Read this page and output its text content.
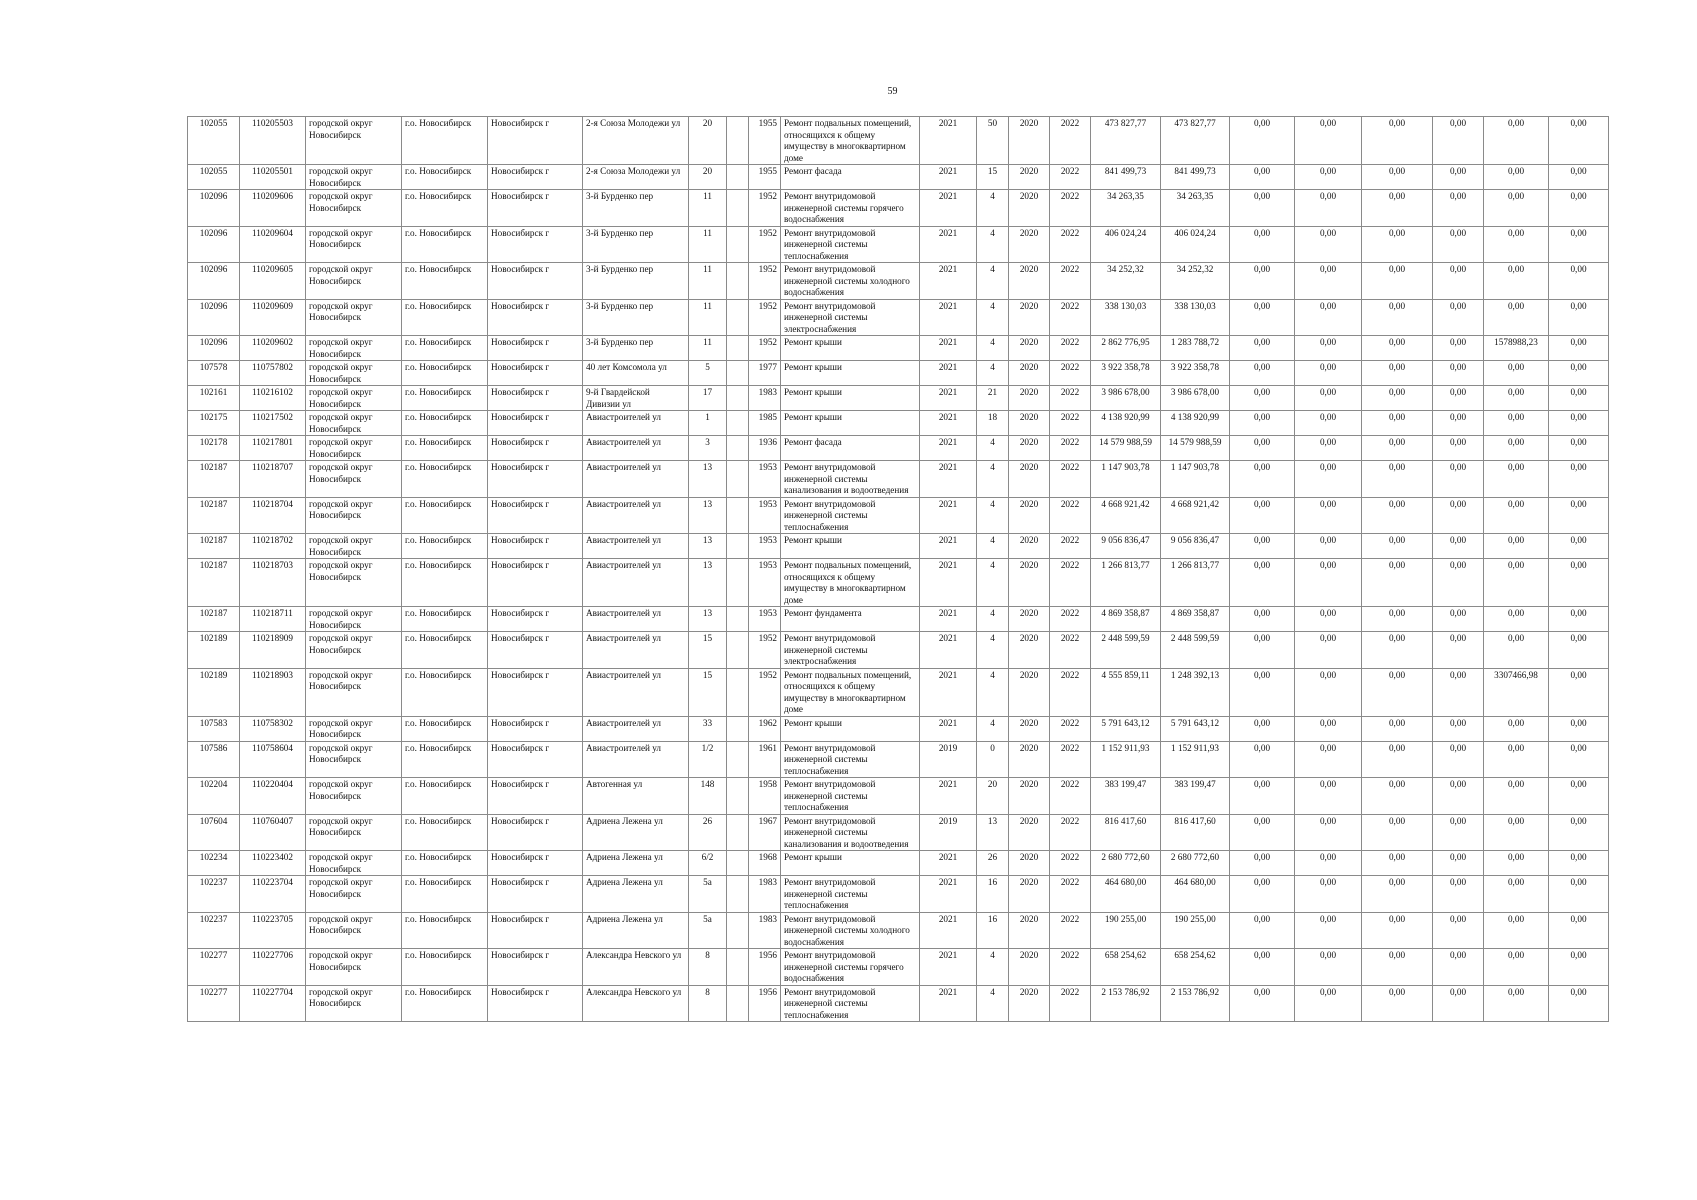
59
102055	110205503	городской округ Новосибирск	г.о. Новосибирск	Новосибирск г	2-я Союза Молодежи ул	20		1955	Ремонт подвальных помещений, относящихся к общему имуществу в многоквартирном доме	2021	50	2020	2022	473 827,77	473 827,77	0,00	0,00	0,00	0,00	0,00	0,00
102055	110205501	городской округ Новосибирск	г.о. Новосибирск	Новосибирск г	2-я Союза Молодежи ул	20		1955	Ремонт фасада	2021	15	2020	2022	841 499,73	841 499,73	0,00	0,00	0,00	0,00	0,00	0,00
102096	110209606	городской округ Новосибирск	г.о. Новосибирск	Новосибирск г	3-й Бурденко пер	11		1952	Ремонт внутридомовой инженерной системы горячего водоснабжения	2021	4	2020	2022	34 263,35	34 263,35	0,00	0,00	0,00	0,00	0,00	0,00
102096	110209604	городской округ Новосибирск	г.о. Новосибирск	Новосибирск г	3-й Бурденко пер	11		1952	Ремонт внутридомовой инженерной системы теплоснабжения	2021	4	2020	2022	406 024,24	406 024,24	0,00	0,00	0,00	0,00	0,00	0,00
102096	110209605	городской округ Новосибирск	г.о. Новосибирск	Новосибирск г	3-й Бурденко пер	11		1952	Ремонт внутридомовой инженерной системы холодного водоснабжения	2021	4	2020	2022	34 252,32	34 252,32	0,00	0,00	0,00	0,00	0,00	0,00
102096	110209609	городской округ Новосибирск	г.о. Новосибирск	Новосибирск г	3-й Бурденко пер	11		1952	Ремонт внутридомовой инженерной системы электроснабжения	2021	4	2020	2022	338 130,03	338 130,03	0,00	0,00	0,00	0,00	0,00	0,00
102096	110209602	городской округ Новосибирск	г.о. Новосибирск	Новосибирск г	3-й Бурденко пер	11		1952	Ремонт крыши	2021	4	2020	2022	2 862 776,95	1 283 788,72	0,00	0,00	0,00	0,00	1578988,23	0,00
107578	110757802	городской округ Новосибирск	г.о. Новосибирск	Новосибирск г	40 лет Комсомола ул	5		1977	Ремонт крыши	2021	4	2020	2022	3 922 358,78	3 922 358,78	0,00	0,00	0,00	0,00	0,00	0,00
102161	110216102	городской округ Новосибирск	г.о. Новосибирск	Новосибирск г	9-й Гвардейской Дивизии ул	17		1983	Ремонт крыши	2021	21	2020	2022	3 986 678,00	3 986 678,00	0,00	0,00	0,00	0,00	0,00	0,00
102175	110217502	городской округ Новосибирск	г.о. Новосибирск	Новосибирск г	Авиастроителей ул	1		1985	Ремонт крыши	2021	18	2020	2022	4 138 920,99	4 138 920,99	0,00	0,00	0,00	0,00	0,00	0,00
102178	110217801	городской округ Новосибирск	г.о. Новосибирск	Новосибирск г	Авиастроителей ул	3		1936	Ремонт фасада	2021	4	2020	2022	14 579 988,59	14 579 988,59	0,00	0,00	0,00	0,00	0,00	0,00
102187	110218707	городской округ Новосибирск	г.о. Новосибирск	Новосибирск г	Авиастроителей ул	13		1953	Ремонт внутридомовой инженерной системы канализования и водоотведения	2021	4	2020	2022	1 147 903,78	1 147 903,78	0,00	0,00	0,00	0,00	0,00	0,00
102187	110218704	городской округ Новосибирск	г.о. Новосибирск	Новосибирск г	Авиастроителей ул	13		1953	Ремонт внутридомовой инженерной системы теплоснабжения	2021	4	2020	2022	4 668 921,42	4 668 921,42	0,00	0,00	0,00	0,00	0,00	0,00
102187	110218702	городской округ Новосибирск	г.о. Новосибирск	Новосибирск г	Авиастроителей ул	13		1953	Ремонт крыши	2021	4	2020	2022	9 056 836,47	9 056 836,47	0,00	0,00	0,00	0,00	0,00	0,00
102187	110218703	городской округ Новосибирск	г.о. Новосибирск	Новосибирск г	Авиастроителей ул	13		1953	Ремонт подвальных помещений, относящихся к общему имуществу в многоквартирном доме	2021	4	2020	2022	1 266 813,77	1 266 813,77	0,00	0,00	0,00	0,00	0,00	0,00
102187	110218711	городской округ Новосибирск	г.о. Новосибирск	Новосибирск г	Авиастроителей ул	13		1953	Ремонт фундамента	2021	4	2020	2022	4 869 358,87	4 869 358,87	0,00	0,00	0,00	0,00	0,00	0,00
102189	110218909	городской округ Новосибирск	г.о. Новосибирск	Новосибирск г	Авиастроителей ул	15		1952	Ремонт внутридомовой инженерной системы электроснабжения	2021	4	2020	2022	2 448 599,59	2 448 599,59	0,00	0,00	0,00	0,00	0,00	0,00
102189	110218903	городской округ Новосибирск	г.о. Новосибирск	Новосибирск г	Авиастроителей ул	15		1952	Ремонт подвальных помещений, относящихся к общему имуществу в многоквартирном доме	2021	4	2020	2022	4 555 859,11	1 248 392,13	0,00	0,00	0,00	0,00	3307466,98	0,00
107583	110758302	городской округ Новосибирск	г.о. Новосибирск	Новосибирск г	Авиастроителей ул	33		1962	Ремонт крыши	2021	4	2020	2022	5 791 643,12	5 791 643,12	0,00	0,00	0,00	0,00	0,00	0,00
107586	110758604	городской округ Новосибирск	г.о. Новосибирск	Новосибирск г	Авиастроителей ул	1/2		1961	Ремонт внутридомовой инженерной системы теплоснабжения	2019	0	2020	2022	1 152 911,93	1 152 911,93	0,00	0,00	0,00	0,00	0,00	0,00
102204	110220404	городской округ Новосибирск	г.о. Новосибирск	Новосибирск г	Автогенная ул	148		1958	Ремонт внутридомовой инженерной системы теплоснабжения	2021	20	2020	2022	383 199,47	383 199,47	0,00	0,00	0,00	0,00	0,00	0,00
107604	110760407	городской округ Новосибирск	г.о. Новосибирск	Новосибирск г	Адриена Лежена ул	26		1967	Ремонт внутридомовой инженерной системы канализования и водоотведения	2019	13	2020	2022	816 417,60	816 417,60	0,00	0,00	0,00	0,00	0,00	0,00
102234	110223402	городской округ Новосибирск	г.о. Новосибирск	Новосибирск г	Адриена Лежена ул	6/2		1968	Ремонт крыши	2021	26	2020	2022	2 680 772,60	2 680 772,60	0,00	0,00	0,00	0,00	0,00	0,00
102237	110223704	городской округ Новосибирск	г.о. Новосибирск	Новосибирск г	Адриена Лежена ул	5а		1983	Ремонт внутридомовой инженерной системы теплоснабжения	2021	16	2020	2022	464 680,00	464 680,00	0,00	0,00	0,00	0,00	0,00	0,00
102237	110223705	городской округ Новосибирск	г.о. Новосибирск	Новосибирск г	Адриена Лежена ул	5а		1983	Ремонт внутридомовой инженерной системы холодного водоснабжения	2021	16	2020	2022	190 255,00	190 255,00	0,00	0,00	0,00	0,00	0,00	0,00
102277	110227706	городской округ Новосибирск	г.о. Новосибирск	Новосибирск г	Александра Невского ул	8		1956	Ремонт внутридомовой инженерной системы горячего водоснабжения	2021	4	2020	2022	658 254,62	658 254,62	0,00	0,00	0,00	0,00	0,00	0,00
102277	110227704	городской округ Новосибирск	г.о. Новосибирск	Новосибирск г	Александра Невского ул	8		1956	Ремонт внутридомовой инженерной системы теплоснабжения	2021	4	2020	2022	2 153 786,92	2 153 786,92	0,00	0,00	0,00	0,00	0,00	0,00
